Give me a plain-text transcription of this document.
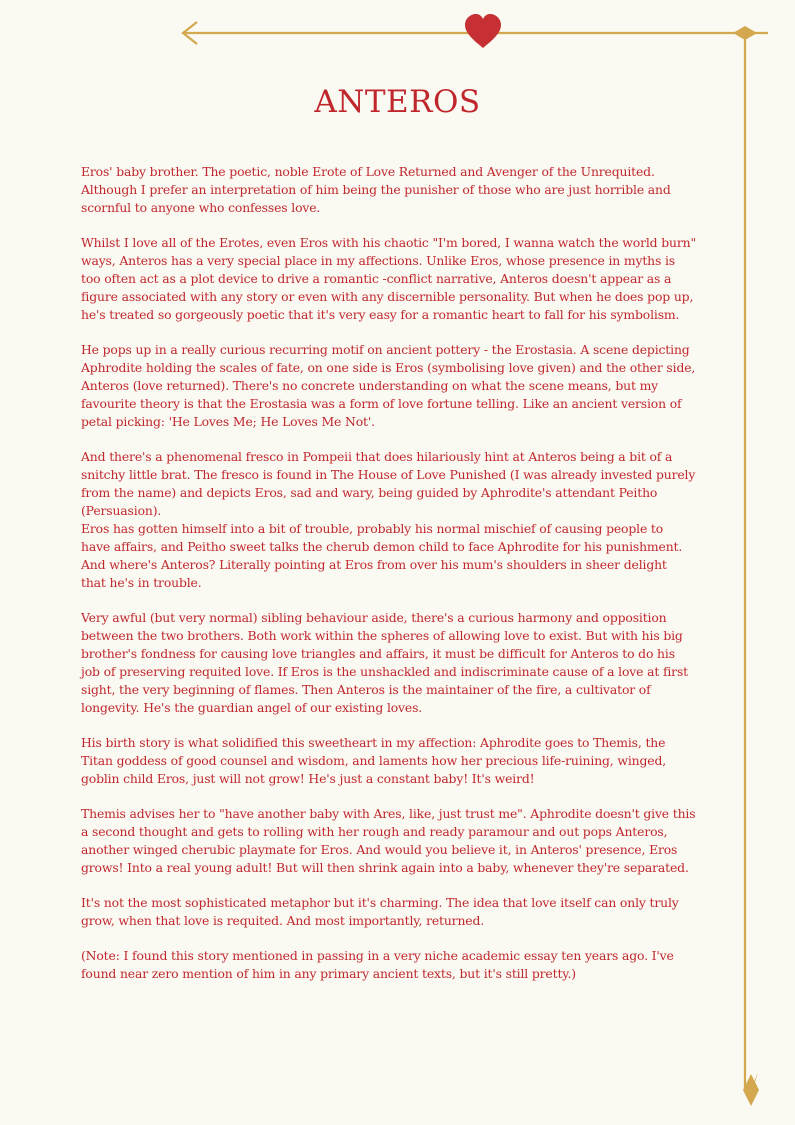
ANTEROS

Eros' baby brother. The poetic, noble Erote of Love Returned and Avenger of the Unrequited.
Although I prefer an interpretation of him being the punisher of those who are just horrible and
scornful to anyone who confesses love.

Whilst I love all of the Erotes, even Eros with his chaotic "I'm bored, I wanna watch the world burn"
ways, Anteros has a very special place in my affections. Unlike Eros, whose presence in myths is
too often act as a plot device to drive a romantic -conflict narrative, Anteros doesn't appear as a
figure associated with any story or even with any discernible personality. But when he does pop up,
he's treated so gorgeously poetic that it's very easy for a romantic heart to fall for his symbolism.

He pops up in a really curious recurring motif on ancient pottery - the Erostasia. A scene depicting
Aphrodite holding the scales of fate, on one side is Eros (symbolising love given) and the other side,
Anteros (love returned). There's no concrete understanding on what the scene means, but my
favourite theory is that the Erostasia was a form of love fortune telling. Like an ancient version of
petal picking: 'He Loves Me; He Loves Me Not'.

And there's a phenomenal fresco in Pompeii that does hilariously hint at Anteros being a bit of a
snitchy little brat. The fresco is found in The House of Love Punished (I was already invested purely
from the name) and depicts Eros, sad and wary, being guided by Aphrodite's attendant Peitho
(Persuasion).
Eros has gotten himself into a bit of trouble, probably his normal mischief of causing people to
have affairs, and Peitho sweet talks the cherub demon child to face Aphrodite for his punishment.
And where's Anteros? Literally pointing at Eros from over his mum's shoulders in sheer delight
that he's in trouble.

Very awful (but very normal) sibling behaviour aside, there's a curious harmony and opposition
between the two brothers. Both work within the spheres of allowing love to exist. But with his big
brother's fondness for causing love triangles and affairs, it must be difficult for Anteros to do his
job of preserving requited love. If Eros is the unshackled and indiscriminate cause of a love at first
sight, the very beginning of flames. Then Anteros is the maintainer of the fire, a cultivator of
longevity. He's the guardian angel of our existing loves.

His birth story is what solidified this sweetheart in my affection: Aphrodite goes to Themis, the
Titan goddess of good counsel and wisdom, and laments how her precious life-ruining, winged,
goblin child Eros, just will not grow! He's just a constant baby! It's weird!

Themis advises her to "have another baby with Ares, like, just trust me". Aphrodite doesn't give this
a second thought and gets to rolling with her rough and ready paramour and out pops Anteros,
another winged cherubic playmate for Eros. And would you believe it, in Anteros' presence, Eros
grows! Into a real young adult! But will then shrink again into a baby, whenever they're separated.

It's not the most sophisticated metaphor but it's charming. The idea that love itself can only truly
grow, when that love is requited. And most importantly, returned.

(Note: I found this story mentioned in passing in a very niche academic essay ten years ago. I've
found near zero mention of him in any primary ancient texts, but it's still pretty.)
